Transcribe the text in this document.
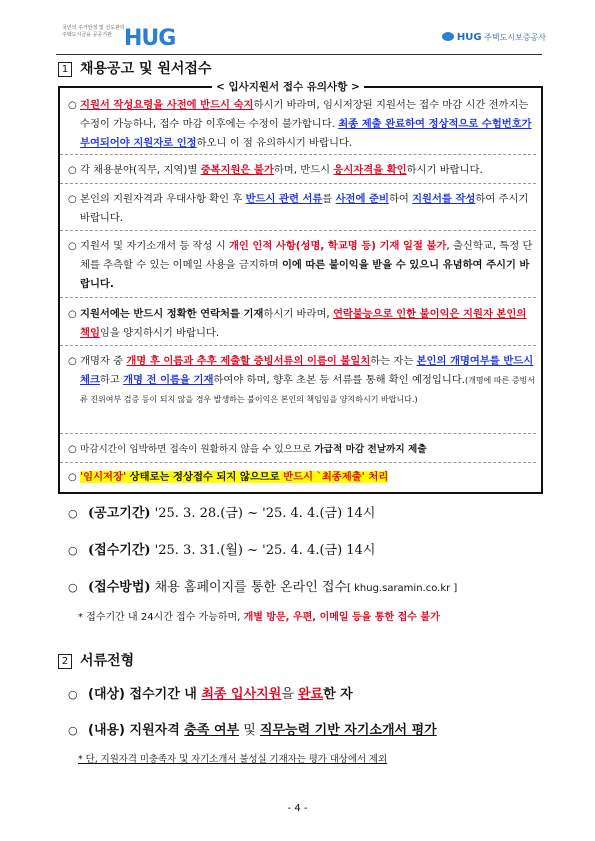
국민의 주거안정 및 선도관리
주택도시금융 공공기관 HUG	HUG 주택도시보증공사
1 채용공고 및 원서접수
< 입사지원서 접수 유의사항 >
○ 지원서 작성요령을 사전에 반드시 숙지하시기 바라며, 임시저장된 지원서는 접수 마감 시간 전까지는 수정이 가능하나, 접수 마감 이후에는 수정이 불가합니다. 최종 제출 완료하여 정상적으로 수험번호가 부여되어야 지원자로 인정하오니 이 점 유의하시기 바랍니다.
○ 각 채용분야(직무, 지역)별 중복지원은 불가하며, 반드시 응시자격을 확인하시기 바랍니다.
○ 본인의 지원자격과 우대사항 확인 후 반드시 관련 서류를 사전에 준비하여 지원서를 작성하여 주시기 바랍니다.
○ 지원서 및 자기소개서 등 작성 시 개인 인적 사항(성명, 학교명 등) 기재 일절 불가, 출신학교, 특정 단체를 추측할 수 있는 이메일 사용을 금지하며 이에 따른 불이익을 받을 수 있으니 유념하여 주시기 바랍니다.
○ 지원서에는 반드시 정확한 연락처를 기재하시기 바라며, 연락불능으로 인한 불이익은 지원자 본인의 책임임을 양지하시기 바랍니다.
○ 개명자 중 개명 후 이름과 추후 제출할 증빙서류의 이름이 불일치하는 자는 본인의 개명여부를 반드시 체크하고 개명 전 이름을 기재하여야 하며, 향후 초본 등 서류를 통해 확인 예정입니다.(개명에 따른 증빙서류 진위여부 검증 등이 되지 않을 경우 발생하는 불이익은 본인의 책임임을 양지하시기 바랍니다.)
○ 마감시간이 임박하면 접속이 원활하지 않을 수 있으므로 가급적 마감 전날까지 제출
○ '임시저장' 상태로는 정상접수 되지 않으므로 반드시 `최종제출' 처리
○ (공고기간) '25. 3. 28.(금) ~ '25. 4. 4.(금) 14시
○ (접수기간) '25. 3. 31.(월) ~ '25. 4. 4.(금) 14시
○ (접수방법) 채용 홈페이지를 통한 온라인 접수[ khug.saramin.co.kr ]
* 접수기간 내 24시간 접수 가능하며, 개별 방문, 우편, 이메일 등을 통한 접수 불가
2 서류전형
○ (대상) 접수기간 내 최종 입사지원을 완료한 자
○ (내용) 지원자격 충족 여부 및 직무능력 기반 자기소개서 평가
* 단, 지원자격 미충족자 및 자기소개서 불성실 기재자는 평가 대상에서 제외
- 4 -
